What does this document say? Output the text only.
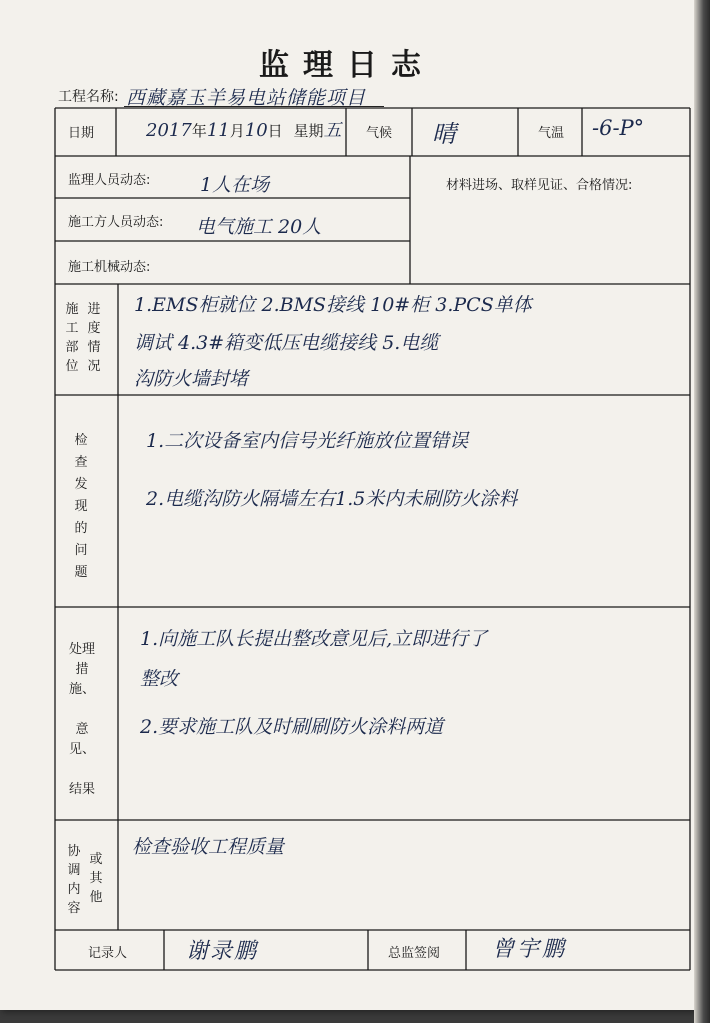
监理日志
工程名称: 西藏嘉玉羊易电站储能项目
日期	2017年11月10日 星期五 气候 晴	气温 -6-P°
监理人员动态:	1人在场
施工方人员动态: 电气施工 20人
施工机械动态:
材料进场、取样见证、合格情况:
施工部位
进度情况
1.EMS柜就位 2.BMS接线 10#柜 3.PCS单体
调试 4.3#箱变低压电缆接线 5.电缆
沟防火墙封堵
检查发现的问题
1.二次设备室内信号光纤施放位置错误
2.电缆沟防火隔墙左右1.5米内未刷防火涂料
处理措施、

意见、

结果
1.向施工队长提出整改意见后,立即进行了
整改
2.要求施工队及时刷刷防火涂料两道
协调内容
或其他
检查验收工程质量
记录人	谢录鹏	总监签阅 曾宇鹏
